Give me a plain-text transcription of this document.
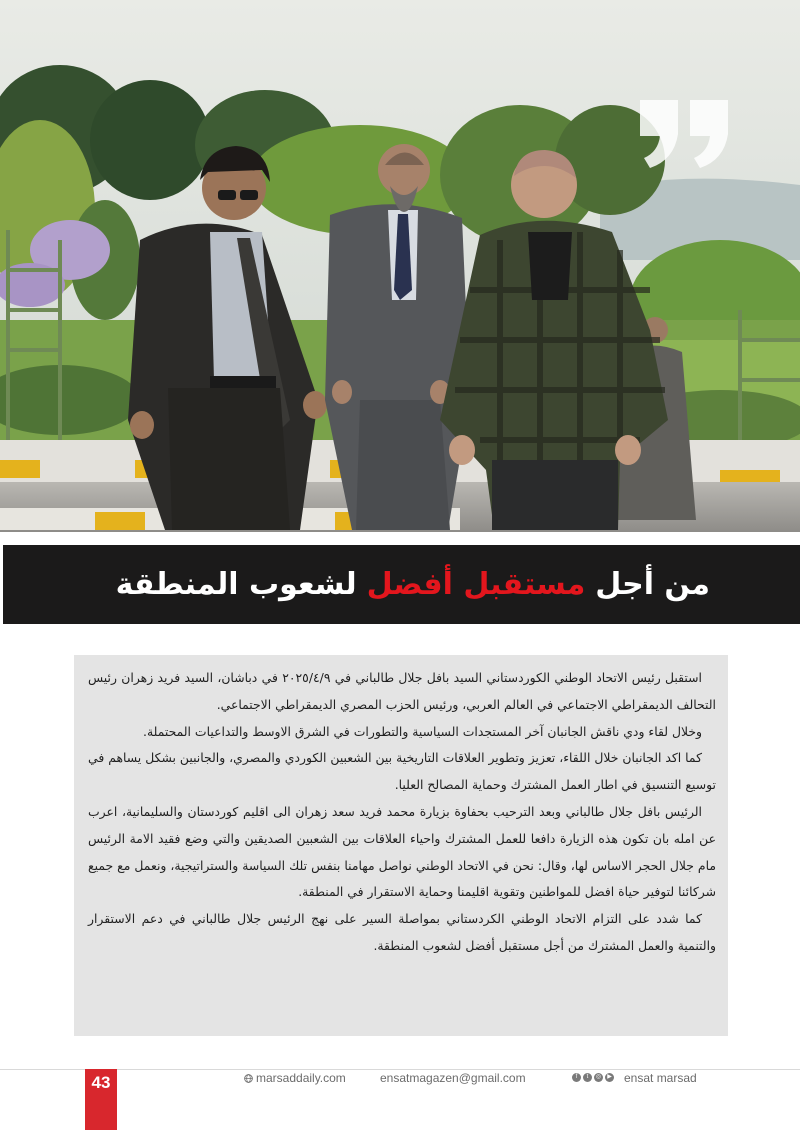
من أجل
مستقبل أفضل
لشعوب المنطقة

استقبل رئيس الاتحاد الوطني الكوردستاني السيد بافل جلال طالباني في ٢٠٢٥/٤/٩ في دباشان، السيد فريد زهران رئيس التحالف الديمقراطي الاجتماعي في العالم العربي، ورئيس الحزب المصري الديمقراطي الاجتماعي.

وخلال لقاء ودي ناقش الجانبان آخر المستجدات السياسية والتطورات في الشرق الاوسط والتداعيات المحتملة.

كما اكد الجانبان خلال اللقاء، تعزيز وتطوير العلاقات التاريخية بين الشعبين الكوردي والمصري، والجانبين بشكل يساهم في توسيع التنسيق في اطار العمل المشترك وحماية المصالح العليا.

الرئيس بافل جلال طالباني وبعد الترحيب بحفاوة بزيارة محمد فريد سعد زهران الى اقليم كوردستان والسليمانية، اعرب عن امله بان تكون هذه الزيارة دافعا للعمل المشترك واحياء العلاقات بين الشعبين الصديقين والتي وضع فقيد الامة الرئيس مام جلال الحجر الاساس لها، وقال: نحن في الاتحاد الوطني نواصل مهامنا بنفس تلك السياسة والستراتيجية، ونعمل مع جميع شركائنا لتوفير حياة افضل للمواطنين وتقوية اقليمنا وحماية الاستقرار في المنطقة.

كما شدد على التزام الاتحاد الوطني الكردستاني بمواصلة السير على نهج الرئيس جلال طالباني في دعم الاستقرار والتنمية والعمل المشترك من أجل مستقبل أفضل لشعوب المنطقة.

43	marsaddaily.com	ensatmagazen@gmail.com	f	t	◎	▶ ensat marsad
